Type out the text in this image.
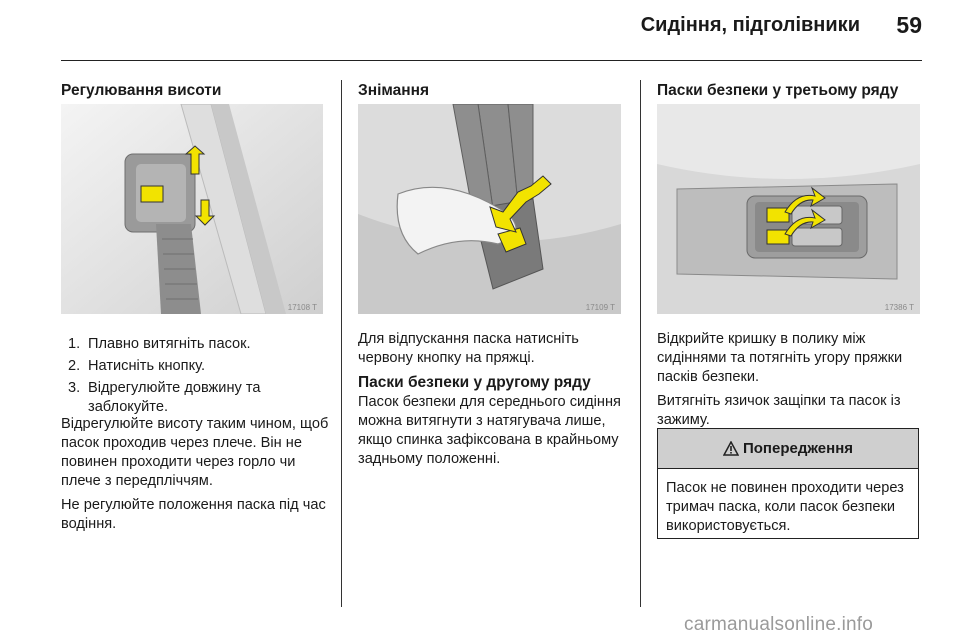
Сидіння, підголівники 59
Регулювання висоти
17108 T
1. Плавно витягніть пасок.
2. Натисніть кнопку.
3. Відрегулюйте довжину та заблокуйте.

Відрегулюйте висоту таким чином, щоб пасок проходив через плече. Він не повинен проходити через горло чи плече з передпліччям.

Не регулюйте положення паска під час водіння.

Знімання
17109 T

Для відпускання паска натисніть червону кнопку на пряжці.

Паски безпеки у другому ряду

Пасок безпеки для середнього сидіння можна витягнути з натягувача лише, якщо спинка зафіксована в крайньому задньому положенні.

Паски безпеки у третьому ряду
17386 T

Відкрийте кришку в полику між сидіннями та потягніть угору пряжки пасків безпеки.

Витягніть язичок защіпки та пасок із зажиму.

Попередження
Пасок не повинен проходити через тримач паска, коли пасок безпеки використовується.
carmanualsonline.info
